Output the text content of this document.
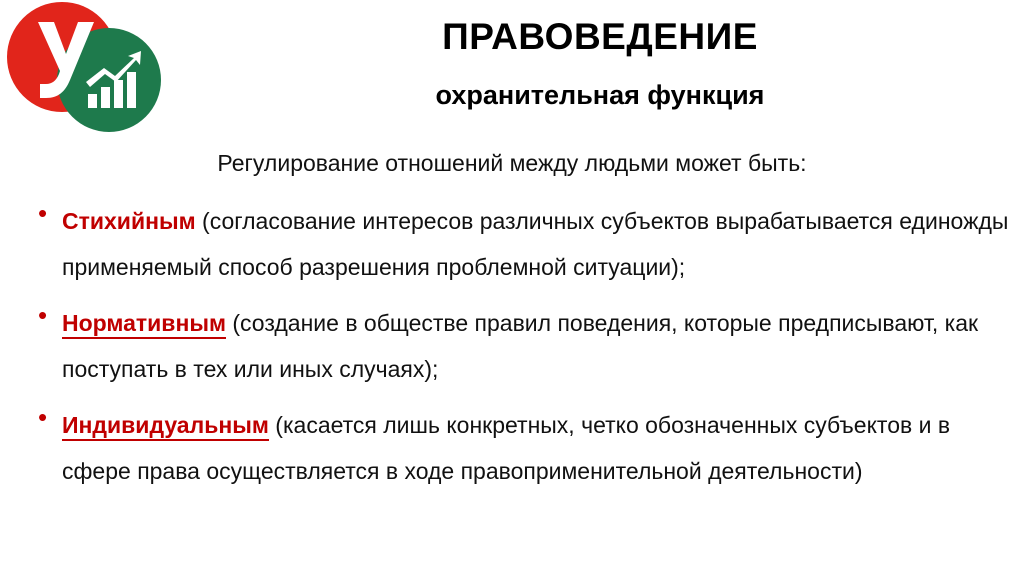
ПРАВОВЕДЕНИЕ
охранительная функция
Регулирование отношений между людьми может быть:
• Стихийным (согласование интересов различных субъектов вырабатывается единожды применяемый способ разрешения проблемной ситуации);
• Нормативным (создание в обществе правил поведения, которые предписывают, как поступать в тех или иных случаях);
• Индивидуальным (касается лишь конкретных, четко обозначенных субъектов и в сфере права осуществляется в ходе правоприменительной деятельности)
